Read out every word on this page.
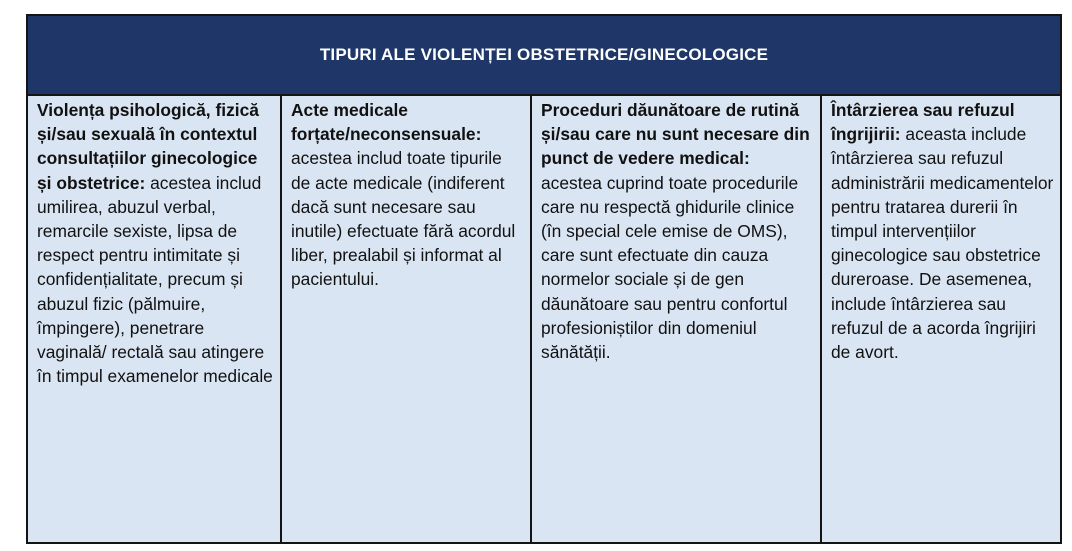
TIPURI ALE VIOLENȚEI OBSTETRICE/GINECOLOGICE

Violența psihologică, fizică și/sau sexuală în contextul consultațiilor ginecologice și obstetrice: acestea includ umilirea, abuzul verbal, remarcile sexiste, lipsa de respect pentru intimitate și confidențialitate, precum și abuzul fizic (pălmuire, împingere), penetrare vaginală/ rectală sau atingere în timpul examenelor medicale

Acte medicale forțate/neconsensuale: acestea includ toate tipurile de acte medicale (indiferent dacă sunt necesare sau inutile) efectuate fără acordul liber, prealabil și informat al pacientului.

Proceduri dăunătoare de rutină și/sau care nu sunt necesare din punct de vedere medical: acestea cuprind toate procedurile care nu respectă ghidurile clinice (în special cele emise de OMS), care sunt efectuate din cauza normelor sociale și de gen dăunătoare sau pentru confortul profesioniștilor din domeniul sănătății.

Întârzierea sau refuzul îngrijirii: aceasta include întârzierea sau refuzul administrării medicamentelor pentru tratarea durerii în timpul intervențiilor ginecologice sau obstetrice dureroase. De asemenea, include întârzierea sau refuzul de a acorda îngrijiri de avort.
